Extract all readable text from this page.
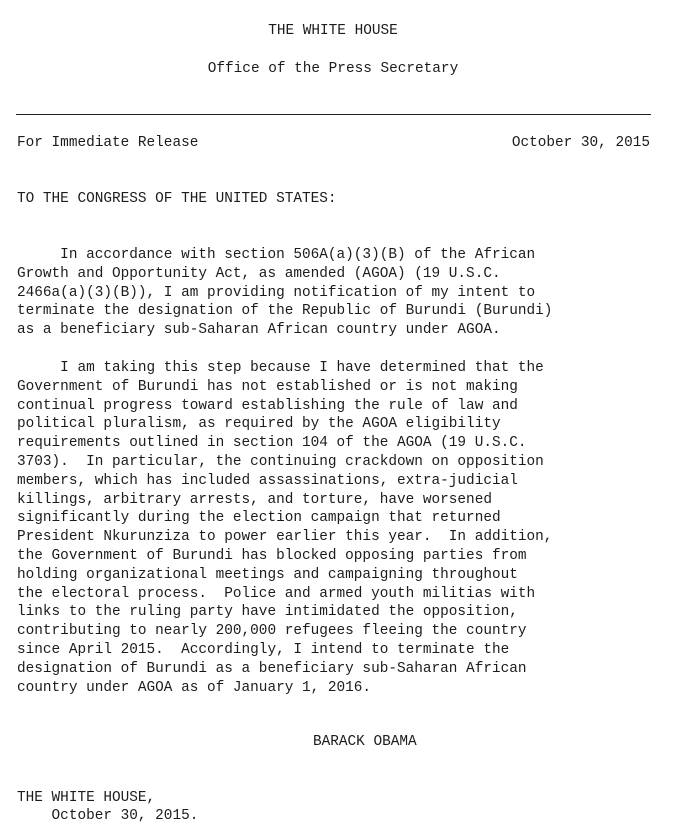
THE WHITE HOUSE
Office of the Press Secretary
For Immediate Release	October 30, 2015
TO THE CONGRESS OF THE UNITED STATES:
In accordance with section 506A(a)(3)(B) of the African
Growth and Opportunity Act, as amended (AGOA) (19 U.S.C.
2466a(a)(3)(B)), I am providing notification of my intent to
terminate the designation of the Republic of Burundi (Burundi)
as a beneficiary sub-Saharan African country under AGOA.
I am taking this step because I have determined that the
Government of Burundi has not established or is not making
continual progress toward establishing the rule of law and
political pluralism, as required by the AGOA eligibility
requirements outlined in section 104 of the AGOA (19 U.S.C.
3703).  In particular, the continuing crackdown on opposition
members, which has included assassinations, extra-judicial
killings, arbitrary arrests, and torture, have worsened
significantly during the election campaign that returned
President Nkurunziza to power earlier this year.  In addition,
the Government of Burundi has blocked opposing parties from
holding organizational meetings and campaigning throughout
the electoral process.  Police and armed youth militias with
links to the ruling party have intimidated the opposition,
contributing to nearly 200,000 refugees fleeing the country
since April 2015.  Accordingly, I intend to terminate the
designation of Burundi as a beneficiary sub-Saharan African
country under AGOA as of January 1, 2016.
BARACK OBAMA
THE WHITE HOUSE,
October 30, 2015.
